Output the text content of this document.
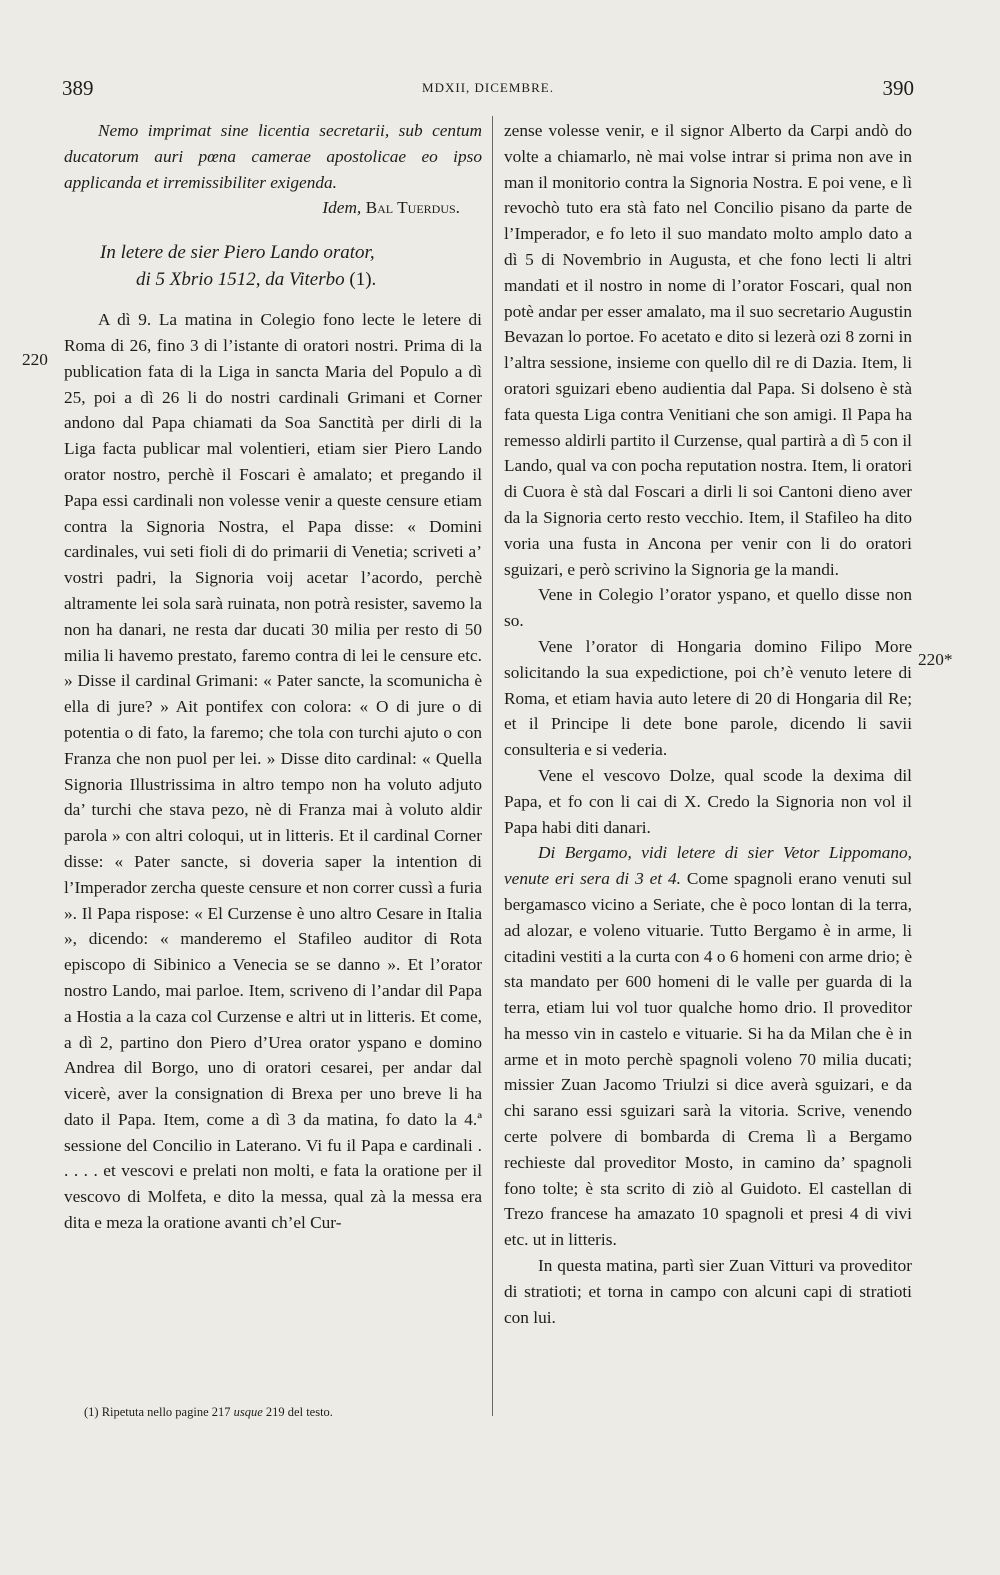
389	MDXII, DICEMBRE.	390
220
220*

Nemo imprimat sine licentia secretarii, sub centum ducatorum auri pœna camerae apostolicae eo ipso applicanda et irremissibiliter exigenda.

Idem, Bal Tuerdus.

In letere de sier Piero Lando orator,
di 5 Xbrio 1512, da Viterbo (1).

A dì 9. La matina in Colegio fono lecte le letere di Roma di 26, fino 3 di l’istante di oratori nostri. Prima di la publication fata di la Liga in sancta Maria del Populo a dì 25, poi a dì 26 li do nostri cardinali Grimani et Corner andono dal Papa chiamati da Soa Sanctità per dirli di la Liga facta publicar mal volentieri, etiam sier Piero Lando orator nostro, perchè il Foscari è amalato; et pregando il Papa essi cardinali non volesse venir a queste censure etiam contra la Signoria Nostra, el Papa disse: « Domini cardinales, vui seti fioli di do primarii di Venetia; scriveti a’ vostri padri, la Signoria voij acetar l’acordo, perchè altramente lei sola sarà ruinata, non potrà resister, savemo la non ha danari, ne resta dar ducati 30 milia per resto di 50 milia li havemo prestato, faremo contra di lei le censure etc. » Disse il cardinal Grimani: « Pater sancte, la scomunicha è ella di jure? » Ait pontifex con colora: « O di jure o di potentia o di fato, la faremo; che tola con turchi ajuto o con Franza che non puol per lei. » Disse dito cardinal: « Quella Signoria Illustrissima in altro tempo non ha voluto adjuto da’ turchi che stava pezo, nè di Franza mai à voluto aldir parola » con altri coloqui, ut in litteris. Et il cardinal Corner disse: « Pater sancte, si doveria saper la intention di l’Imperador zercha queste censure et non correr cussì a furia ». Il Papa rispose: « El Curzense è uno altro Cesare in Italia », dicendo: « manderemo el Stafileo auditor di Rota episcopo di Sibinico a Venecia se se danno ». Et l’orator nostro Lando, mai parloe. Item, scriveno di l’andar dil Papa a Hostia a la caza col Curzense e altri ut in litteris. Et come, a dì 2, partino don Piero d’Urea orator yspano e domino Andrea dil Borgo, uno di oratori cesarei, per andar dal vicerè, aver la consignation di Brexa per uno breve li ha dato il Papa. Item, come a dì 3 da matina, fo dato la 4.ª sessione del Concilio in Laterano. Vi fu il Papa e cardinali . . . . . et vescovi e prelati non molti, e fata la oratione per il vescovo di Molfeta, e dito la messa, qual zà la messa era dita e meza la oratione avanti ch’el Cur-

(1) Ripetuta nello pagine 217 usque 219 del testo.

zense volesse venir, e il signor Alberto da Carpi andò do volte a chiamarlo, nè mai volse intrar si prima non ave in man il monitorio contra la Signoria Nostra. E poi vene, e lì revochò tuto era stà fato nel Concilio pisano da parte de l’Imperador, e fo leto il suo mandato molto amplo dato a dì 5 di Novembrio in Augusta, et che fono lecti li altri mandati et il nostro in nome di l’orator Foscari, qual non potè andar per esser amalato, ma il suo secretario Augustin Bevazan lo portoe. Fo acetato e dito si lezerà ozi 8 zorni in l’altra sessione, insieme con quello dil re di Dazia. Item, li oratori sguizari ebeno audientia dal Papa. Si dolseno è stà fata questa Liga contra Venitiani che son amigi. Il Papa ha remesso aldirli partito il Curzense, qual partirà a dì 5 con il Lando, qual va con pocha reputation nostra. Item, li oratori di Cuora è stà dal Foscari a dirli li soi Cantoni dieno aver da la Signoria certo resto vecchio. Item, il Stafileo ha dito voria una fusta in Ancona per venir con li do oratori sguizari, e però scrivino la Signoria ge la mandi.

Vene in Colegio l’orator yspano, et quello disse non so.

Vene l’orator di Hongaria domino Filipo More solicitando la sua expedictione, poi ch’è venuto letere di Roma, et etiam havia auto letere di 20 di Hongaria dil Re; et il Principe li dete bone parole, dicendo li savii consulteria e si vederia.

Vene el vescovo Dolze, qual scode la dexima dil Papa, et fo con li cai di X. Credo la Signoria non vol il Papa habi diti danari.

Di Bergamo, vidi letere di sier Vetor Lippomano, venute eri sera di 3 et 4. Come spagnoli erano venuti sul bergamasco vicino a Seriate, che è poco lontan di la terra, ad alozar, e voleno vituarie. Tutto Bergamo è in arme, li citadini vestiti a la curta con 4 o 6 homeni con arme drio; è sta mandato per 600 homeni di le valle per guarda di la terra, etiam lui vol tuor qualche homo drio. Il proveditor ha messo vin in castelo e vituarie. Si ha da Milan che è in arme et in moto perchè spagnoli voleno 70 milia ducati; missier Zuan Jacomo Triulzi si dice averà sguizari, e da chi sarano essi sguizari sarà la vitoria. Scrive, venendo certe polvere di bombarda di Crema lì a Bergamo rechieste dal proveditor Mosto, in camino da’ spagnoli fono tolte; è sta scrito di ziò al Guidoto. El castellan di Trezo francese ha amazato 10 spagnoli et presi 4 di vivi etc. ut in litteris.

In questa matina, partì sier Zuan Vitturi va proveditor di stratioti; et torna in campo con alcuni capi di stratioti con lui.
